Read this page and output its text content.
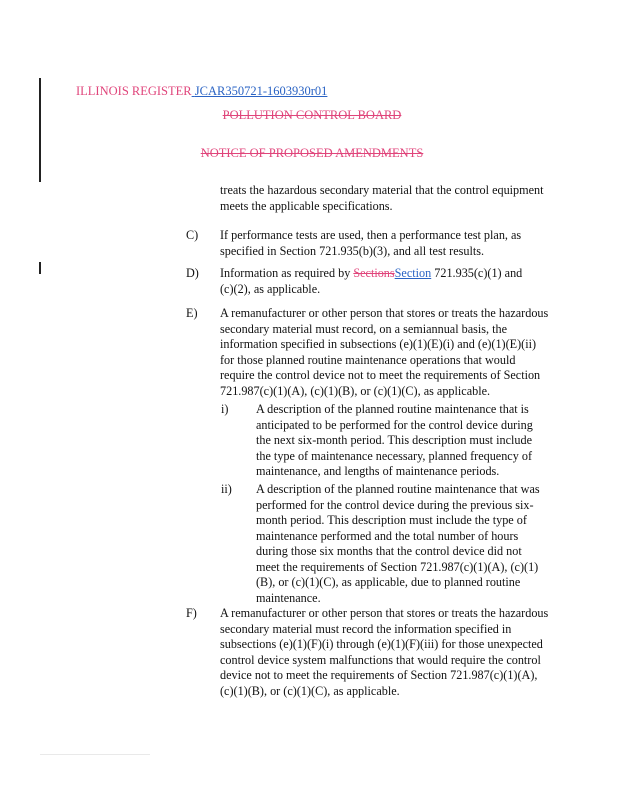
ILLINOIS REGISTER JCAR350721-1603930r01
POLLUTION CONTROL BOARD
NOTICE OF PROPOSED AMENDMENTS

treats the hazardous secondary material that the control equipment meets the applicable specifications.

C) If performance tests are used, then a performance test plan, as specified in Section 721.935(b)(3), and all test results.

D) Information as required by SectionsSection 721.935(c)(1) and (c)(2), as applicable.

E) A remanufacturer or other person that stores or treats the hazardous secondary material must record, on a semiannual basis, the information specified in subsections (e)(1)(E)(i) and (e)(1)(E)(ii) for those planned routine maintenance operations that would require the control device not to meet the requirements of Section 721.987(c)(1)(A), (c)(1)(B), or (c)(1)(C), as applicable.

i) A description of the planned routine maintenance that is anticipated to be performed for the control device during the next six-month period. This description must include the type of maintenance necessary, planned frequency of maintenance, and lengths of maintenance periods.

ii) A description of the planned routine maintenance that was performed for the control device during the previous six-month period. This description must include the type of maintenance performed and the total number of hours during those six months that the control device did not meet the requirements of Section 721.987(c)(1)(A), (c)(1)(B), or (c)(1)(C), as applicable, due to planned routine maintenance.

F) A remanufacturer or other person that stores or treats the hazardous secondary material must record the information specified in subsections (e)(1)(F)(i) through (e)(1)(F)(iii) for those unexpected control device system malfunctions that would require the control device not to meet the requirements of Section 721.987(c)(1)(A), (c)(1)(B), or (c)(1)(C), as applicable.
